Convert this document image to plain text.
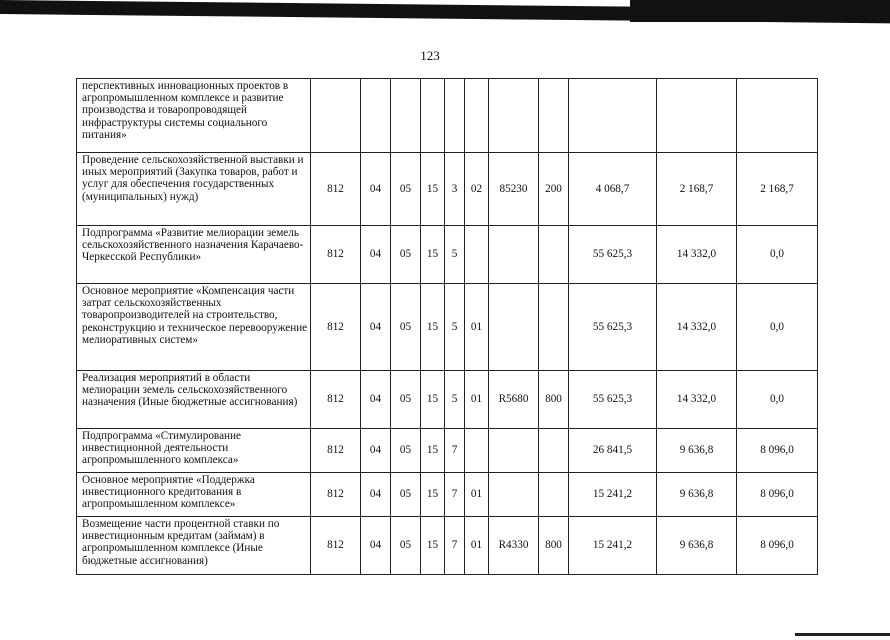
123
перспективных инновационных проектов в агропромышленном комплексе и развитие производства и товаропроводящей инфраструктуры системы социального питания»											
Проведение сельскохозяйственной выставки и иных мероприятий (Закупка товаров, работ и услуг для обеспечения государственных (муниципальных) нужд)	812	04	05	15	3	02	85230	200	4 068,7	2 168,7	2 168,7
Подпрограмма «Развитие мелиорации земель сельскохозяйственного назначения Карачаево-Черкесской Республики»	812	04	05	15	5				55 625,3	14 332,0	0,0
Основное мероприятие «Компенсация части затрат сельскохозяйственных товаропроизводителей на строительство, реконструкцию и техническое перевооружение мелиоративных систем»	812	04	05	15	5	01			55 625,3	14 332,0	0,0
Реализация мероприятий в области мелиорации земель сельскохозяйственного назначения (Иные бюджетные ассигнования)	812	04	05	15	5	01	R5680	800	55 625,3	14 332,0	0,0
Подпрограмма «Стимулирование инвестиционной деятельности агропромышленного комплекса»	812	04	05	15	7				26 841,5	9 636,8	8 096,0
Основное мероприятие «Поддержка инвестиционного кредитования в агропромышленном комплексе»	812	04	05	15	7	01			15 241,2	9 636,8	8 096,0
Возмещение части процентной ставки по инвестиционным кредитам (займам) в агропромышленном комплексе (Иные бюджетные ассигнования)	812	04	05	15	7	01	R4330	800	15 241,2	9 636,8	8 096,0
